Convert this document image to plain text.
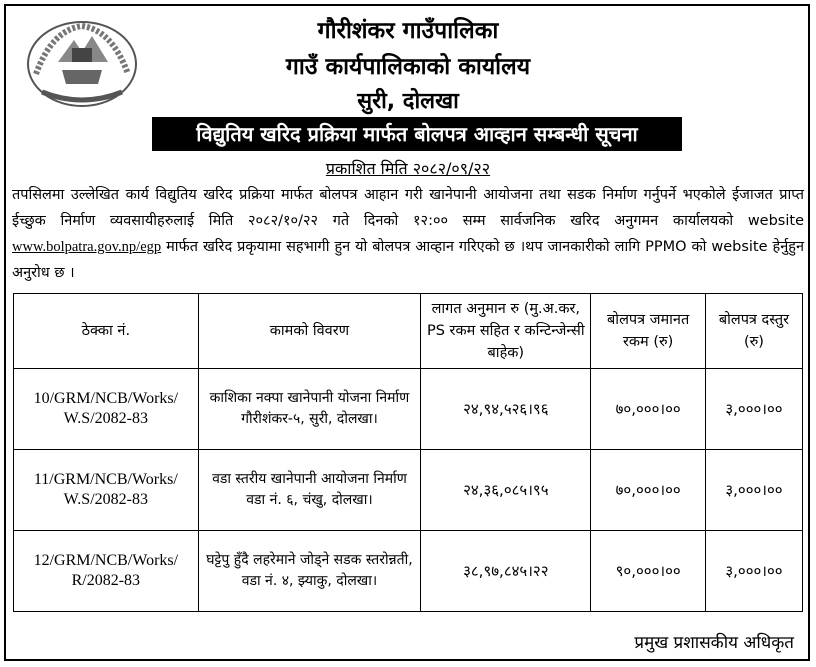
गौरीशंकर गाउँपालिका
गाउँ कार्यपालिकाको कार्यालय
सुरी, दोलखा
विद्युतिय खरिद प्रक्रिया मार्फत बोलपत्र आव्हान सम्बन्धी सूचना
प्रकाशित मिति २०८२/०९/२२
तपसिलमा उल्लेखित कार्य विद्युतिय खरिद प्रक्रिया मार्फत बोलपत्र आहान गरी खानेपानी आयोजना तथा सडक निर्माण गर्नुपर्ने भएकोले ईजाजत प्राप्त ईच्छुक निर्माण व्यवसायीहरुलाई मिति २०८२/१०/२२ गते दिनको १२:०० सम्म सार्वजनिक खरिद अनुगमन कार्यालयको website www.bolpatra.gov.np/egp मार्फत खरिद प्रकृयामा सहभागी हुन यो बोलपत्र आव्हान गरिएको छ ।थप जानकारीको लागि PPMO को website हेर्नुहुन अनुरोध छ ।
ठेक्का नं.	कामको विवरण	लागत अनुमान रु (मु.अ.कर, PS रकम सहित र कन्टिन्जेन्सी बाहेक)	बोलपत्र जमानत रकम (रु)	बोलपत्र दस्तुर (रु)
10/GRM/NCB/Works/ W.S/2082-83	काशिका नक्पा खानेपानी योजना निर्माण गौरीशंकर-५, सुरी, दोलखा।	२४,९४,५२६।९६	७०,०००।००	३,०००।००
11/GRM/NCB/Works/ W.S/2082-83	वडा स्तरीय खानेपानी आयोजना निर्माण वडा नं. ६, चंखु, दोलखा।	२४,३६,०८५।९५	७०,०००।००	३,०००।००
12/GRM/NCB/Works/ R/2082-83	घट्टेपु हुँदै लहरेमाने जोड्ने सडक स्तरोन्नती, वडा नं. ४, झ्याकु, दोलखा।	३८,९७,८४५।२२	९०,०००।००	३,०००।००
प्रमुख प्रशासकीय अधिकृत
